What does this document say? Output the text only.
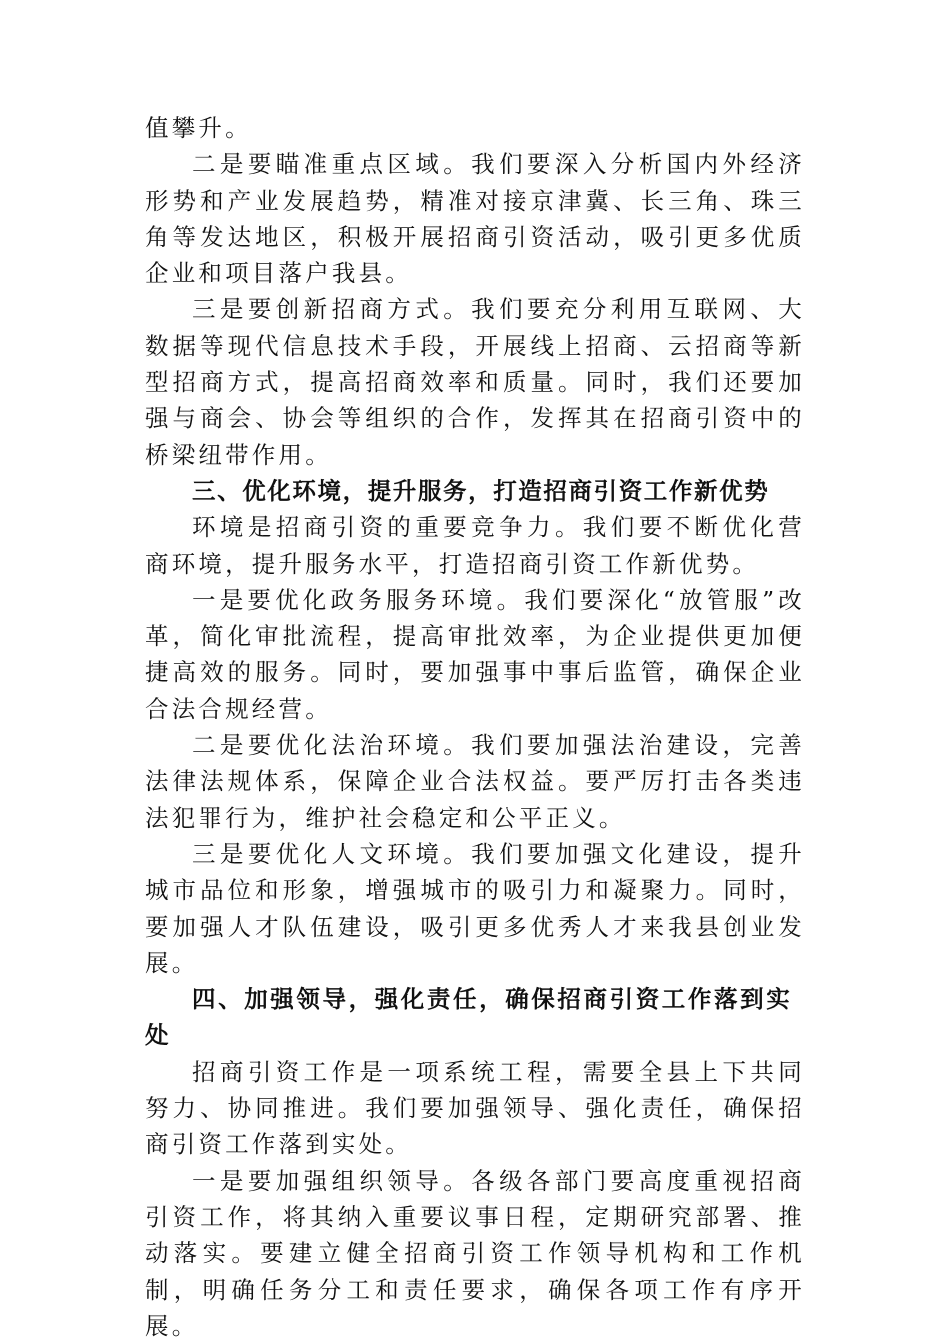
值攀升。

二是要瞄准重点区域。我们要深入分析国内外经济形势和产业发展趋势，精准对接京津冀、长三角、珠三角等发达地区，积极开展招商引资活动，吸引更多优质企业和项目落户我县。

三是要创新招商方式。我们要充分利用互联网、大数据等现代信息技术手段，开展线上招商、云招商等新型招商方式，提高招商效率和质量。同时，我们还要加强与商会、协会等组织的合作，发挥其在招商引资中的桥梁纽带作用。

三、优化环境，提升服务，打造招商引资工作新优势

环境是招商引资的重要竞争力。我们要不断优化营商环境，提升服务水平，打造招商引资工作新优势。

一是要优化政务服务环境。我们要深化“放管服”改革，简化审批流程，提高审批效率，为企业提供更加便捷高效的服务。同时，要加强事中事后监管，确保企业合法合规经营。

二是要优化法治环境。我们要加强法治建设，完善法律法规体系，保障企业合法权益。要严厉打击各类违法犯罪行为，维护社会稳定和公平正义。

三是要优化人文环境。我们要加强文化建设，提升城市品位和形象，增强城市的吸引力和凝聚力。同时，要加强人才队伍建设，吸引更多优秀人才来我县创业发展。

四、加强领导，强化责任，确保招商引资工作落到实处

招商引资工作是一项系统工程，需要全县上下共同努力、协同推进。我们要加强领导、强化责任，确保招商引资工作落到实处。

一是要加强组织领导。各级各部门要高度重视招商引资工作，将其纳入重要议事日程，定期研究部署、推动落实。要建立健全招商引资工作领导机构和工作机制，明确任务分工和责任要求，确保各项工作有序开展。
